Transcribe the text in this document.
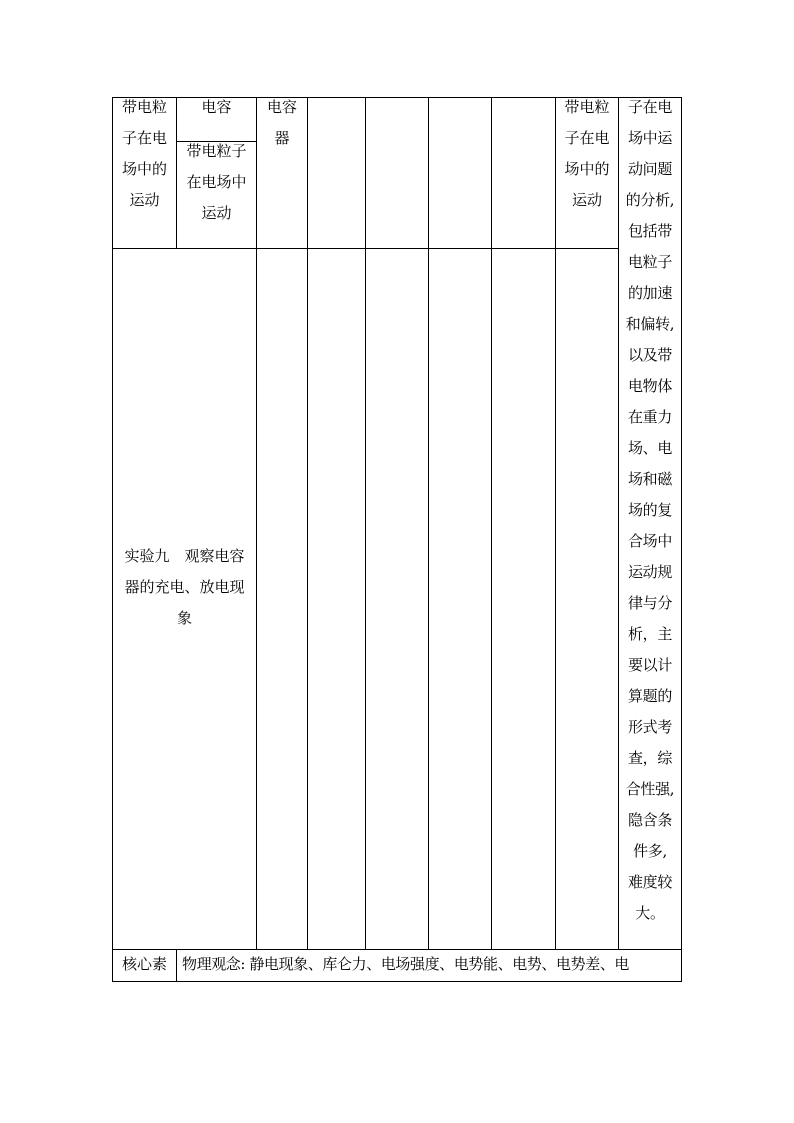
带电粒
子在电
场中的
运动
电容
带电粒子
在电场中
运动
电容
器
带电粒
子在电
场中的
运动
子在电
场中运
动问题
的分析,
包括带
电粒子
的加速
和偏转,
以及带
电物体
在重力
场、电
场和磁
场的复
合场中
运动规
律与分
析，主
要以计
算题的
形式考
查，综
合性强,
隐含条
件多,
难度较
大。
实验九　观察电容
器的充电、放电现
象
核心素	物理观念: 静电现象、库仑力、电场强度、电势能、电势、电势差、电
